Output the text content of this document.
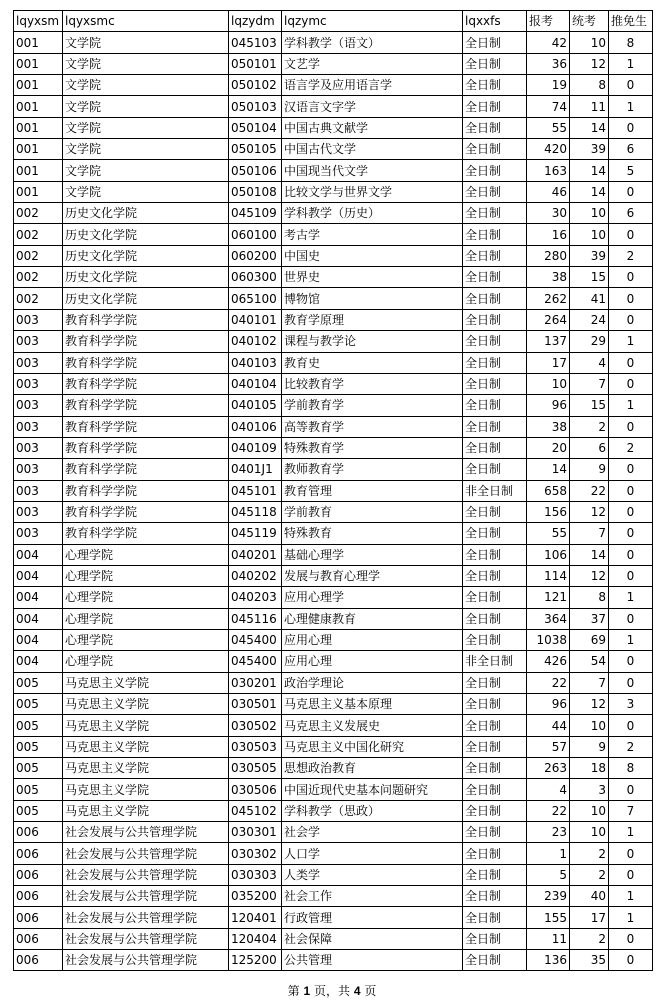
lqyxsm	lqyxsmc	lqzydm	lqzymc	lqxxfs	报考	统考	推免生
001	文学院	045103	学科教学（语文）	全日制	42	10	8
001	文学院	050101	文艺学	全日制	36	12	1
001	文学院	050102	语言学及应用语言学	全日制	19	8	0
001	文学院	050103	汉语言文字学	全日制	74	11	1
001	文学院	050104	中国古典文献学	全日制	55	14	0
001	文学院	050105	中国古代文学	全日制	420	39	6
001	文学院	050106	中国现当代文学	全日制	163	14	5
001	文学院	050108	比较文学与世界文学	全日制	46	14	0
002	历史文化学院	045109	学科教学（历史）	全日制	30	10	6
002	历史文化学院	060100	考古学	全日制	16	10	0
002	历史文化学院	060200	中国史	全日制	280	39	2
002	历史文化学院	060300	世界史	全日制	38	15	0
002	历史文化学院	065100	博物馆	全日制	262	41	0
003	教育科学学院	040101	教育学原理	全日制	264	24	0
003	教育科学学院	040102	课程与教学论	全日制	137	29	1
003	教育科学学院	040103	教育史	全日制	17	4	0
003	教育科学学院	040104	比较教育学	全日制	10	7	0
003	教育科学学院	040105	学前教育学	全日制	96	15	1
003	教育科学学院	040106	高等教育学	全日制	38	2	0
003	教育科学学院	040109	特殊教育学	全日制	20	6	2
003	教育科学学院	0401J1	教师教育学	全日制	14	9	0
003	教育科学学院	045101	教育管理	非全日制	658	22	0
003	教育科学学院	045118	学前教育	全日制	156	12	0
003	教育科学学院	045119	特殊教育	全日制	55	7	0
004	心理学院	040201	基础心理学	全日制	106	14	0
004	心理学院	040202	发展与教育心理学	全日制	114	12	0
004	心理学院	040203	应用心理学	全日制	121	8	1
004	心理学院	045116	心理健康教育	全日制	364	37	0
004	心理学院	045400	应用心理	全日制	1038	69	1
004	心理学院	045400	应用心理	非全日制	426	54	0
005	马克思主义学院	030201	政治学理论	全日制	22	7	0
005	马克思主义学院	030501	马克思主义基本原理	全日制	96	12	3
005	马克思主义学院	030502	马克思主义发展史	全日制	44	10	0
005	马克思主义学院	030503	马克思主义中国化研究	全日制	57	9	2
005	马克思主义学院	030505	思想政治教育	全日制	263	18	8
005	马克思主义学院	030506	中国近现代史基本问题研究	全日制	4	3	0
005	马克思主义学院	045102	学科教学（思政）	全日制	22	10	7
006	社会发展与公共管理学院	030301	社会学	全日制	23	10	1
006	社会发展与公共管理学院	030302	人口学	全日制	1	2	0
006	社会发展与公共管理学院	030303	人类学	全日制	5	2	0
006	社会发展与公共管理学院	035200	社会工作	全日制	239	40	1
006	社会发展与公共管理学院	120401	行政管理	全日制	155	17	1
006	社会发展与公共管理学院	120404	社会保障	全日制	11	2	0
006	社会发展与公共管理学院	125200	公共管理	全日制	136	35	0
第 1 页，共 4 页
